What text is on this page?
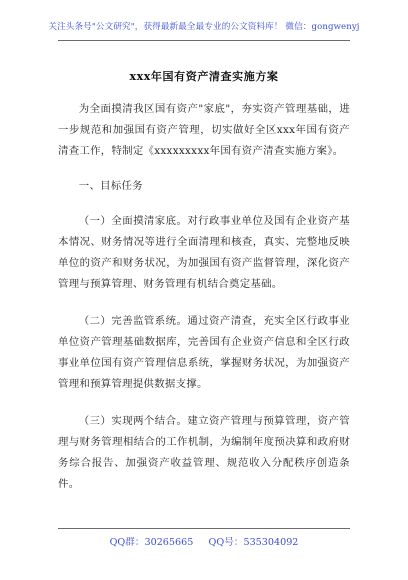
关注头条号"公文研究"，获得最新最全最专业的公文资料库！ 微信：gongwenyj
xxx年国有资产清查实施方案

为全面摸清我区国有资产"家底"，夯实资产管理基础，进一步规范和加强国有资产管理，切实做好全区xxx年国有资产清查工作，特制定《xxxxxxxxx年国有资产清查实施方案》。

一、目标任务

（一）全面摸清家底。对行政事业单位及国有企业资产基本情况、财务情况等进行全面清理和核查，真实、完整地反映单位的资产和财务状况，为加强国有资产监督管理，深化资产管理与预算管理、财务管理有机结合奠定基础。

（二）完善监管系统。通过资产清查，充实全区行政事业单位资产管理基础数据库，完善国有企业资产信息和全区行政事业单位国有资产管理信息系统，掌握财务状况，为加强资产管理和预算管理提供数据支撑。

（三）实现两个结合。建立资产管理与预算管理，资产管理与财务管理相结合的工作机制，为编制年度预决算和政府财务综合报告、加强资产收益管理、规范收入分配秩序创造条件。

QQ群：30265665     QQ号：535304092
